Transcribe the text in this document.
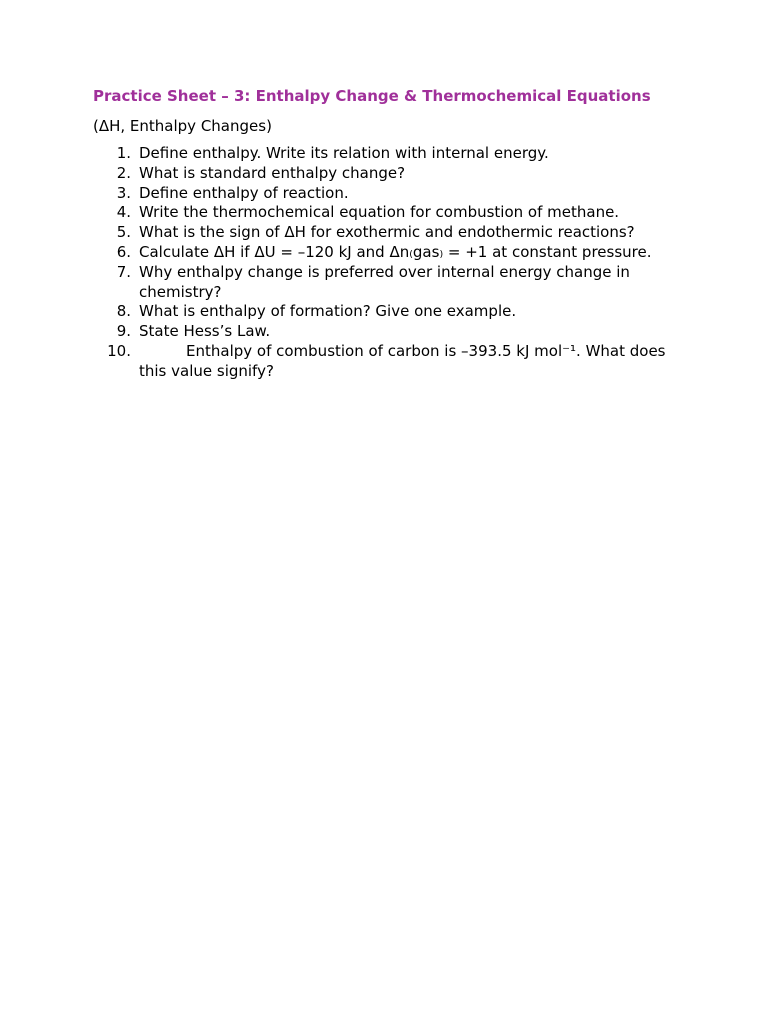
Practice Sheet – 3: Enthalpy Change & Thermochemical Equations
(ΔH, Enthalpy Changes)
1. Define enthalpy. Write its relation with internal energy.
2. What is standard enthalpy change?
3. Define enthalpy of reaction.
4. Write the thermochemical equation for combustion of methane.
5. What is the sign of ΔH for exothermic and endothermic reactions?
6. Calculate ΔH if ΔU = –120 kJ and Δn₍gas₎ = +1 at constant pressure.
7. Why enthalpy change is preferred over internal energy change in chemistry?
8. What is enthalpy of formation? Give one example.
9. State Hess’s Law.
10.	Enthalpy of combustion of carbon is –393.5 kJ mol⁻¹. What does this value signify?
